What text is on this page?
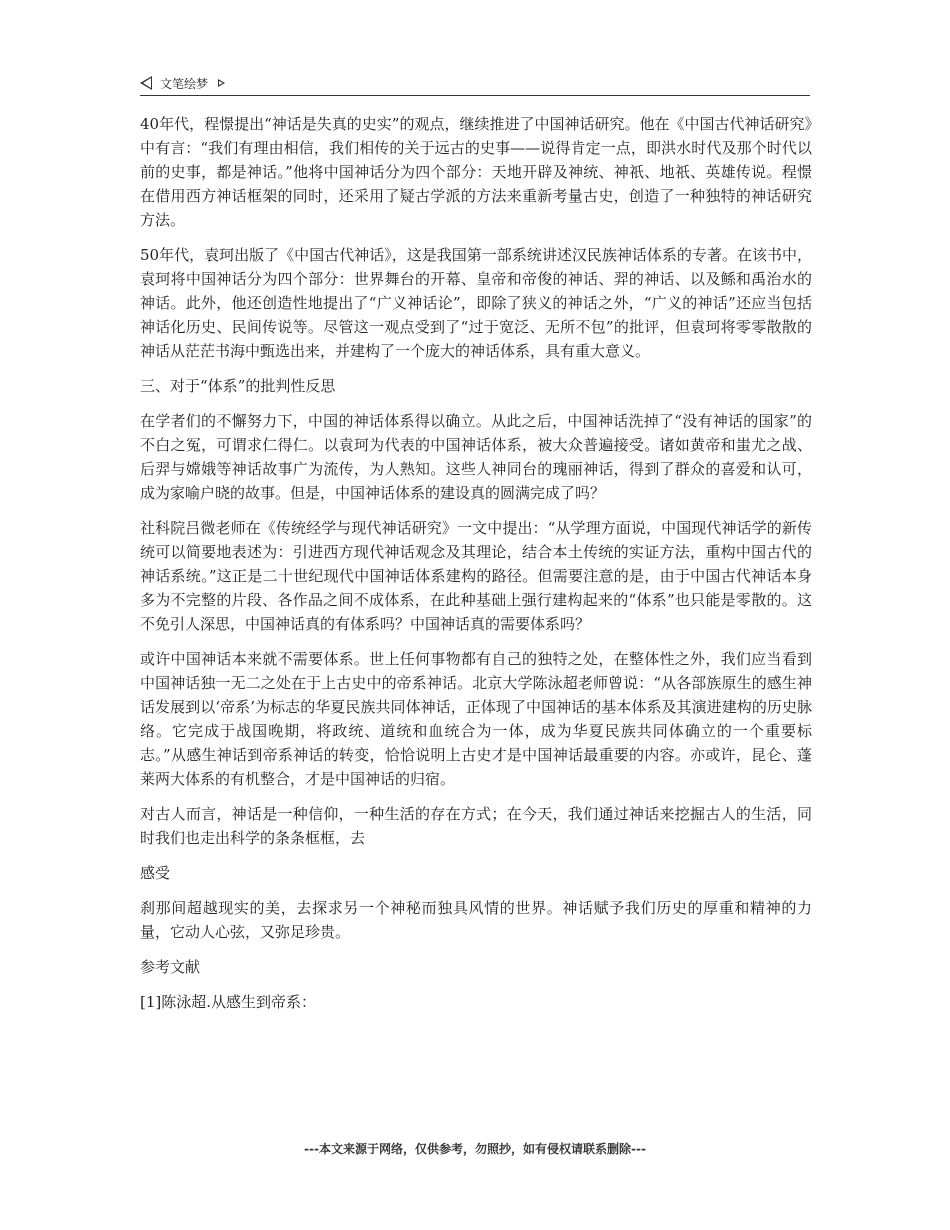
文笔绘梦

40年代，程憬提出“神话是失真的史实”的观点，继续推进了中国神话研究。他在《中国古代神话研究》中有言：“我们有理由相信，我们相传的关于远古的史事——说得肯定一点，即洪水时代及那个时代以前的史事，都是神话。”他将中国神话分为四个部分：天地开辟及神统、神祇、地祇、英雄传说。程憬在借用西方神话框架的同时，还采用了疑古学派的方法来重新考量古史，创造了一种独特的神话研究方法。

50年代，袁珂出版了《中国古代神话》，这是我国第一部系统讲述汉民族神话体系的专著。在该书中，袁珂将中国神话分为四个部分：世界舞台的开幕、皇帝和帝俊的神话、羿的神话、以及鲧和禹治水的神话。此外，他还创造性地提出了“广义神话论”，即除了狭义的神话之外，“广义的神话”还应当包括神话化历史、民间传说等。尽管这一观点受到了“过于宽泛、无所不包”的批评，但袁珂将零零散散的神话从茫茫书海中甄选出来，并建构了一个庞大的神话体系，具有重大意义。

三、对于“体系”的批判性反思

在学者们的不懈努力下，中国的神话体系得以确立。从此之后，中国神话洗掉了“没有神话的国家”的不白之冤，可谓求仁得仁。以袁珂为代表的中国神话体系，被大众普遍接受。诸如黄帝和蚩尤之战、后羿与嫦娥等神话故事广为流传，为人熟知。这些人神同台的瑰丽神话，得到了群众的喜爱和认可，成为家喻户晓的故事。但是，中国神话体系的建设真的圆满完成了吗？

社科院吕微老师在《传统经学与现代神话研究》一文中提出：“从学理方面说，中国现代神话学的新传统可以简要地表述为：引进西方现代神话观念及其理论，结合本土传统的实证方法，重构中国古代的神话系统。”这正是二十世纪现代中国神话体系建构的路径。但需要注意的是，由于中国古代神话本身多为不完整的片段、各作品之间不成体系，在此种基础上强行建构起来的“体系”也只能是零散的。这不免引人深思，中国神话真的有体系吗？中国神话真的需要体系吗？

或许中国神话本来就不需要体系。世上任何事物都有自己的独特之处，在整体性之外，我们应当看到中国神话独一无二之处在于上古史中的帝系神话。北京大学陈泳超老师曾说：“从各部族原生的感生神话发展到以‘帝系’为标志的华夏民族共同体神话，正体现了中国神话的基本体系及其演进建构的历史脉络。它完成于战国晚期，将政统、道统和血统合为一体，成为华夏民族共同体确立的一个重要标志。”从感生神话到帝系神话的转变，恰恰说明上古史才是中国神话最重要的内容。亦或许，昆仑、蓬莱两大体系的有机整合，才是中国神话的归宿。

对古人而言，神话是一种信仰，一种生活的存在方式；在今天，我们通过神话来挖掘古人的生活，同时我们也走出科学的条条框框，去

感受

刹那间超越现实的美，去探求另一个神秘而独具风情的世界。神话赋予我们历史的厚重和精神的力量，它动人心弦，又弥足珍贵。

参考文献

[1]陈泳超.从感生到帝系：

---本文来源于网络，仅供参考，勿照抄，如有侵权请联系删除---
